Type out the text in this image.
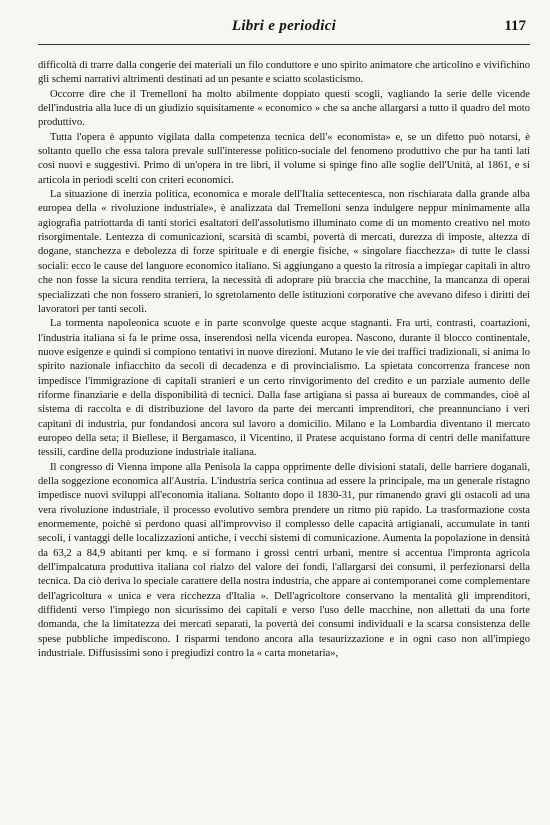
Libri e periodici	117

difficoltà di trarre dalla congerie dei materiali un filo conduttore e uno spirito animatore che articolino e vivifichino gli schemi narrativi altrimenti destinati ad un pesante e sciatto scolasticismo.

Occorre dire che il Tremelloni ha molto abilmente doppiato questi scogli, vagliando la serie delle vicende dell'industria alla luce di un giudizio squisitamente « economico » che sa anche allargarsi a tutto il quadro del moto produttivo.

Tutta l'opera è appunto vigilata dalla competenza tecnica dell'« economista» e, se un difetto può notarsi, è soltanto quello che essa talora prevale sull'interesse politico-sociale del fenomeno produttivo che pur ha tanti lati così nuovi e suggestivi. Primo di un'opera in tre libri, il volume si spinge fino alle soglie dell'Unità, al 1861, e si articola in periodi scelti con criteri economici.

La situazione di inerzia politica, economica e morale dell'Italia settecentesca, non rischiarata dalla grande alba europea della « rivoluzione industriale», è analizzata dal Tremelloni senza indulgere neppur minimamente alla agiografia patriottarda di tanti storici esaltatori dell'assolutismo illuminato come di un momento creativo nel moto risorgimentale. Lentezza di comunicazioni, scarsità di scambi, povertà di mercati, durezza di imposte, altezza di dogane, stanchezza e debolezza di forze spirituale e di energie fisiche, « singolare fiacchezza» di tutte le classi sociali: ecco le cause del languore economico italiano. Si aggiungano a questo la ritrosia a impiegar capitali in altro che non fosse la sicura rendita terriera, la necessità di adoprare più braccia che macchine, la mancanza di operai specializzati che non fossero stranieri, lo sgretolamento delle istituzioni corporative che avevano difeso i diritti dei lavoratori per tanti secoli.

La tormenta napoleonica scuote e in parte sconvolge queste acque stagnanti. Fra urti, contrasti, coartazioni, l'industria italiana si fa le prime ossa, inserendosi nella vicenda europea. Nascono, durante il blocco continentale, nuove esigenze e quindi si compiono tentativi in nuove direzioni. Mutano le vie dei traffici tradizionali, si anima lo spirito nazionale infiacchito da secoli di decadenza e di provincialismo. La spietata concorrenza francese non impedisce l'immigrazione di capitali stranieri e un certo rinvigorimento del credito e un parziale aumento delle riforme finanziarie e della disponibilità di tecnici. Dalla fase artigiana si passa ai bureaux de commandes, cioè al sistema di raccolta e di distribuzione del lavoro da parte dei mercanti imprenditori, che preannunciano i veri capitani di industria, pur fondandosi ancora sul lavoro a domicilio. Milano e la Lombardia diventano il mercato europeo della seta; il Biellese, il Bergamasco, il Vicentino, il Pratese acquistano forma di centri delle manifatture tessili, cardine della produzione industriale italiana.

Il congresso di Vienna impone alla Penisola la cappa opprimente delle divisioni statali, delle barriere doganali, della soggezione economica all'Austria. L'industria serica continua ad essere la principale, ma un generale ristagno impedisce nuovi sviluppi all'economia italiana. Soltanto dopo il 1830-31, pur rimanendo gravi gli ostacoli ad una vera rivoluzione industriale, il processo evolutivo sembra prendere un ritmo più rapido. La trasformazione costa enormemente, poichè si perdono quasi all'improvviso il complesso delle capacità artigianali, accumulate in tanti secoli, i vantaggi delle localizzazioni antiche, i vecchi sistemi di comunicazione. Aumenta la popolazione in densità da 63,2 a 84,9 abitanti per kmq. e si formano i grossi centri urbani, mentre si accentua l'impronta agricola dell'impalcatura produttiva italiana col rialzo del valore dei fondi, l'allargarsi dei consumi, il perfezionarsi della tecnica. Da ciò deriva lo speciale carattere della nostra industria, che appare ai contemporanei come complementare dell'agricoltura « unica e vera ricchezza d'Italia ». Dell'agricoltore conservano la mentalità gli imprenditori, diffidenti verso l'impiego non sicurissimo dei capitali e verso l'uso delle macchine, non allettati da una forte domanda, che la limitatezza dei mercati separati, la povertà dei consumi individuali e la scarsa consistenza delle spese pubbliche impediscono. I risparmi tendono ancora alla tesaurizzazione e in ogni caso non all'impiego industriale. Diffusissimi sono i pregiudizi contro la « carta monetaria»,
